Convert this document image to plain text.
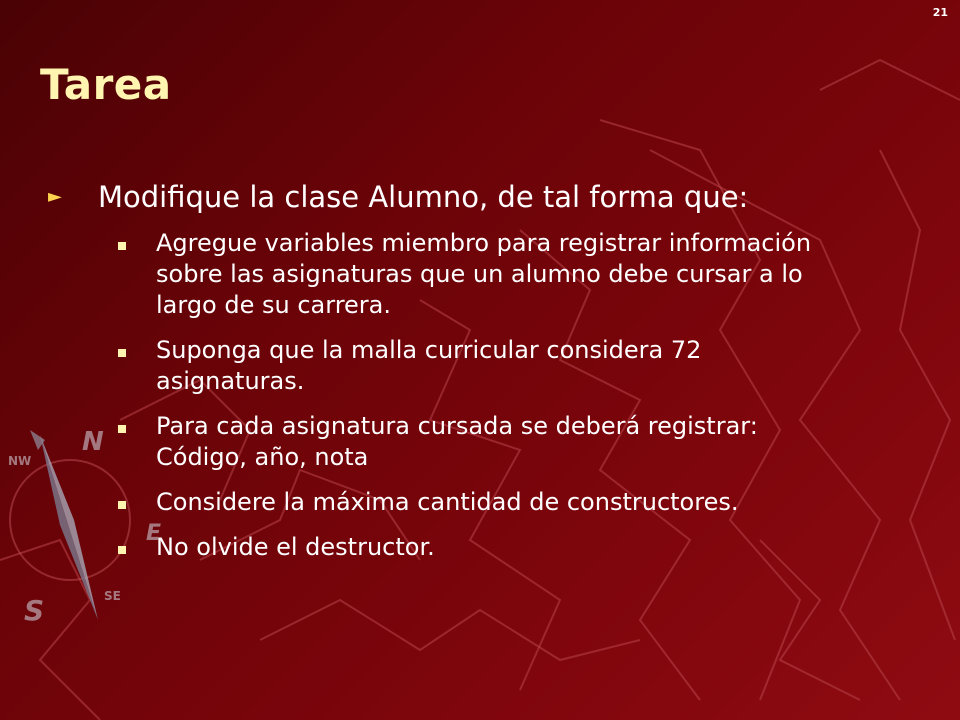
21
N
S
E
NW
SE
Tarea
► Modifique la clase Alumno, de tal forma que:
Agregue variables miembro para registrar información sobre las asignaturas que un alumno debe cursar a lo largo de su carrera.
Suponga que la malla curricular considera 72 asignaturas.
Para cada asignatura cursada se deberá registrar: Código, año, nota
Considere la máxima cantidad de constructores.
No olvide el destructor.
